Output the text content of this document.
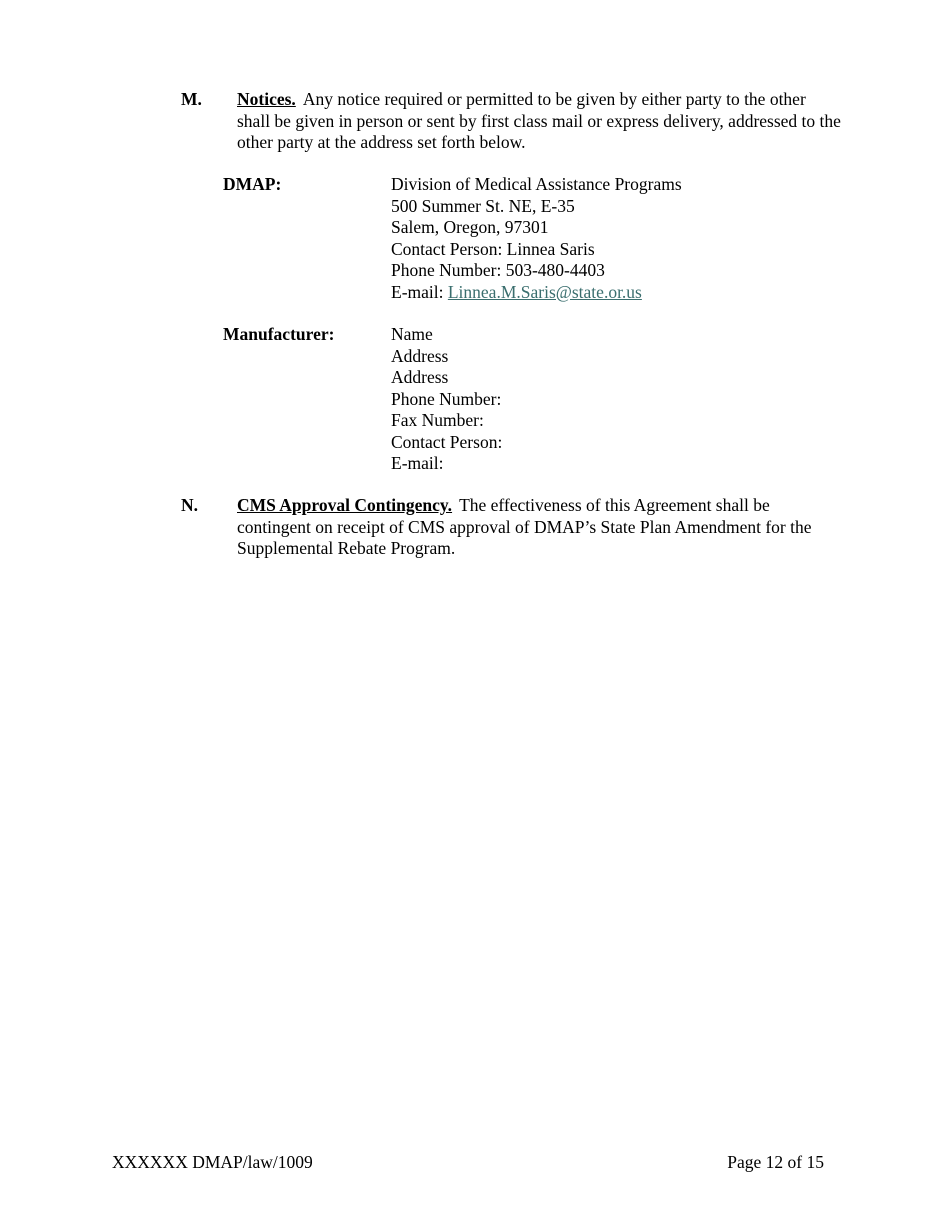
M. Notices. Any notice required or permitted to be given by either party to the other shall be given in person or sent by first class mail or express delivery, addressed to the other party at the address set forth below.
DMAP:	Division of Medical Assistance Programs
500 Summer St. NE, E-35
Salem, Oregon, 97301
Contact Person: Linnea Saris
Phone Number: 503-480-4403
E-mail: Linnea.M.Saris@state.or.us
Manufacturer:	Name
Address
Address
Phone Number:
Fax Number:
Contact Person:
E-mail:
N. CMS Approval Contingency. The effectiveness of this Agreement shall be contingent on receipt of CMS approval of DMAP’s State Plan Amendment for the Supplemental Rebate Program.
XXXXXX DMAP/law/1009	Page 12 of 15
